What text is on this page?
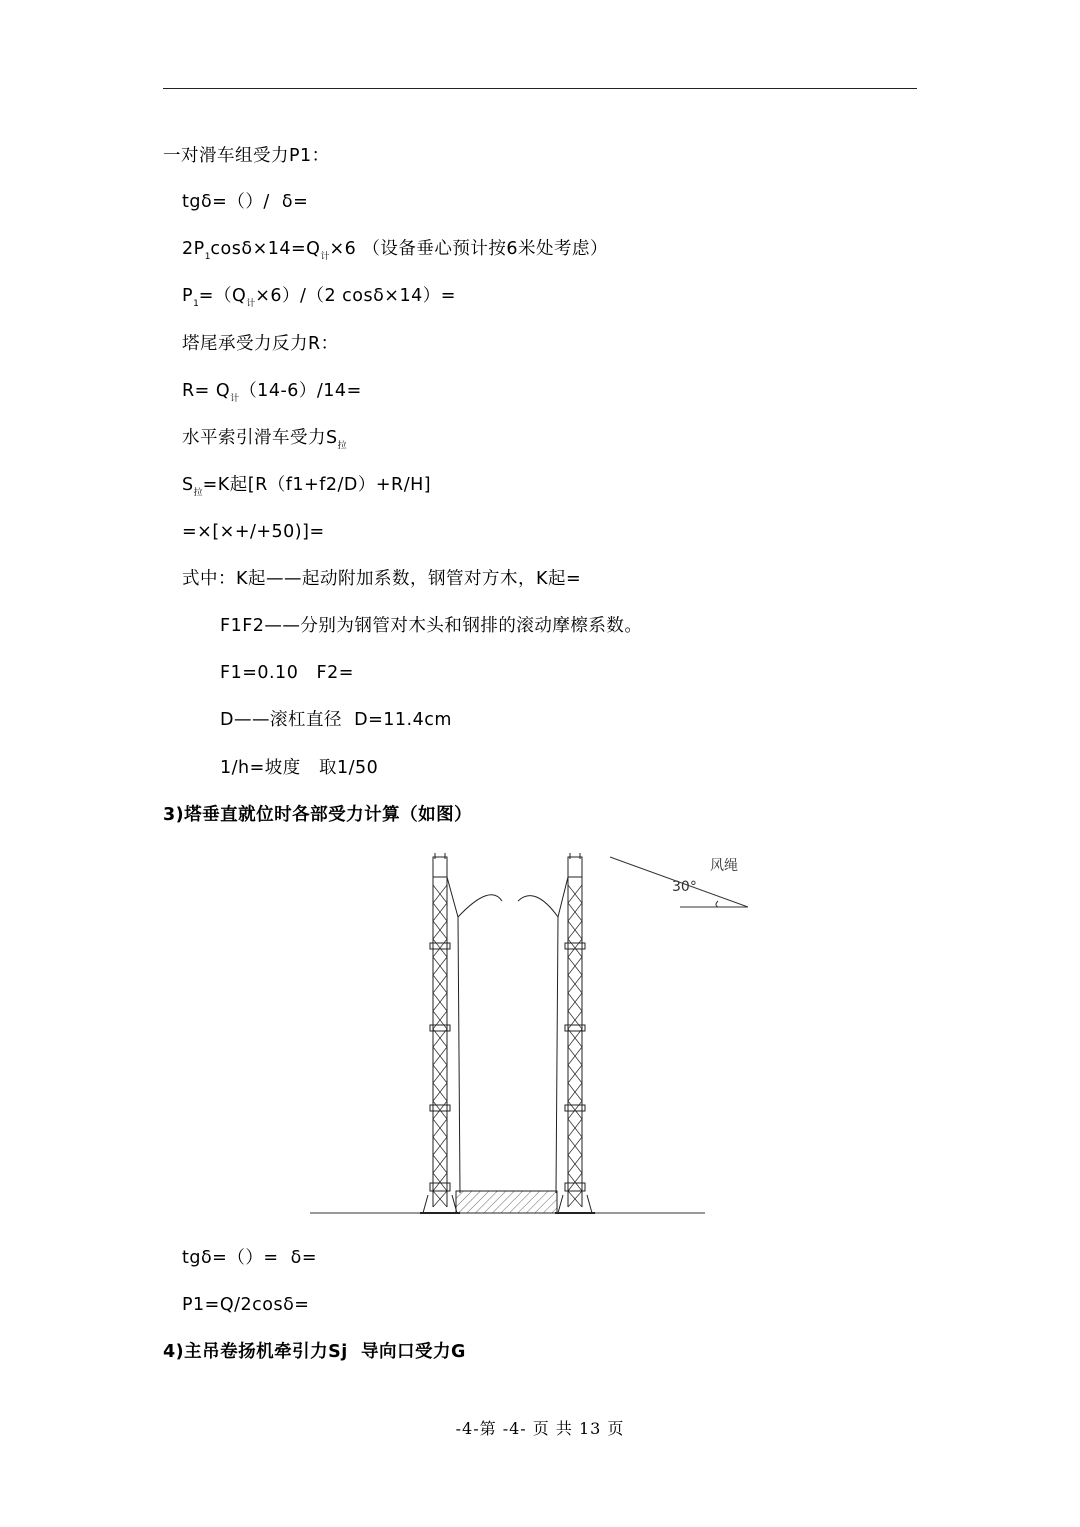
一对滑车组受力P1：
tgδ=（）/  δ=
$2P_1\cos\delta\times 14=Q_计\times 6$ （设备垂心预计按6米处考虑）
$P_1=(Q_计\times 6)/(2$ cosδ×14）=
塔尾承受力反力R：
$R= Q_计(14-6)/14=$
水平索引滑车受力$S_拉$
$S_拉=K$起[R（f1+f2/D）+R/H]
=×[×+/+50)]=
式中：K起——起动附加系数，钢管对方木，K起=
F1F2——分别为钢管对木头和钢排的滚动摩檫系数。
F1=0.10   F2=
D——滚杠直径  D=11.4cm
1/h=坡度   取1/50
3)塔垂直就位时各部受力计算（如图）
风绳
30°
tgδ=（）=  δ=
P1=Q/2cosδ=
4)主吊卷扬机牵引力Sj  导向口受力G
-4-第 -4- 页 共 13 页
